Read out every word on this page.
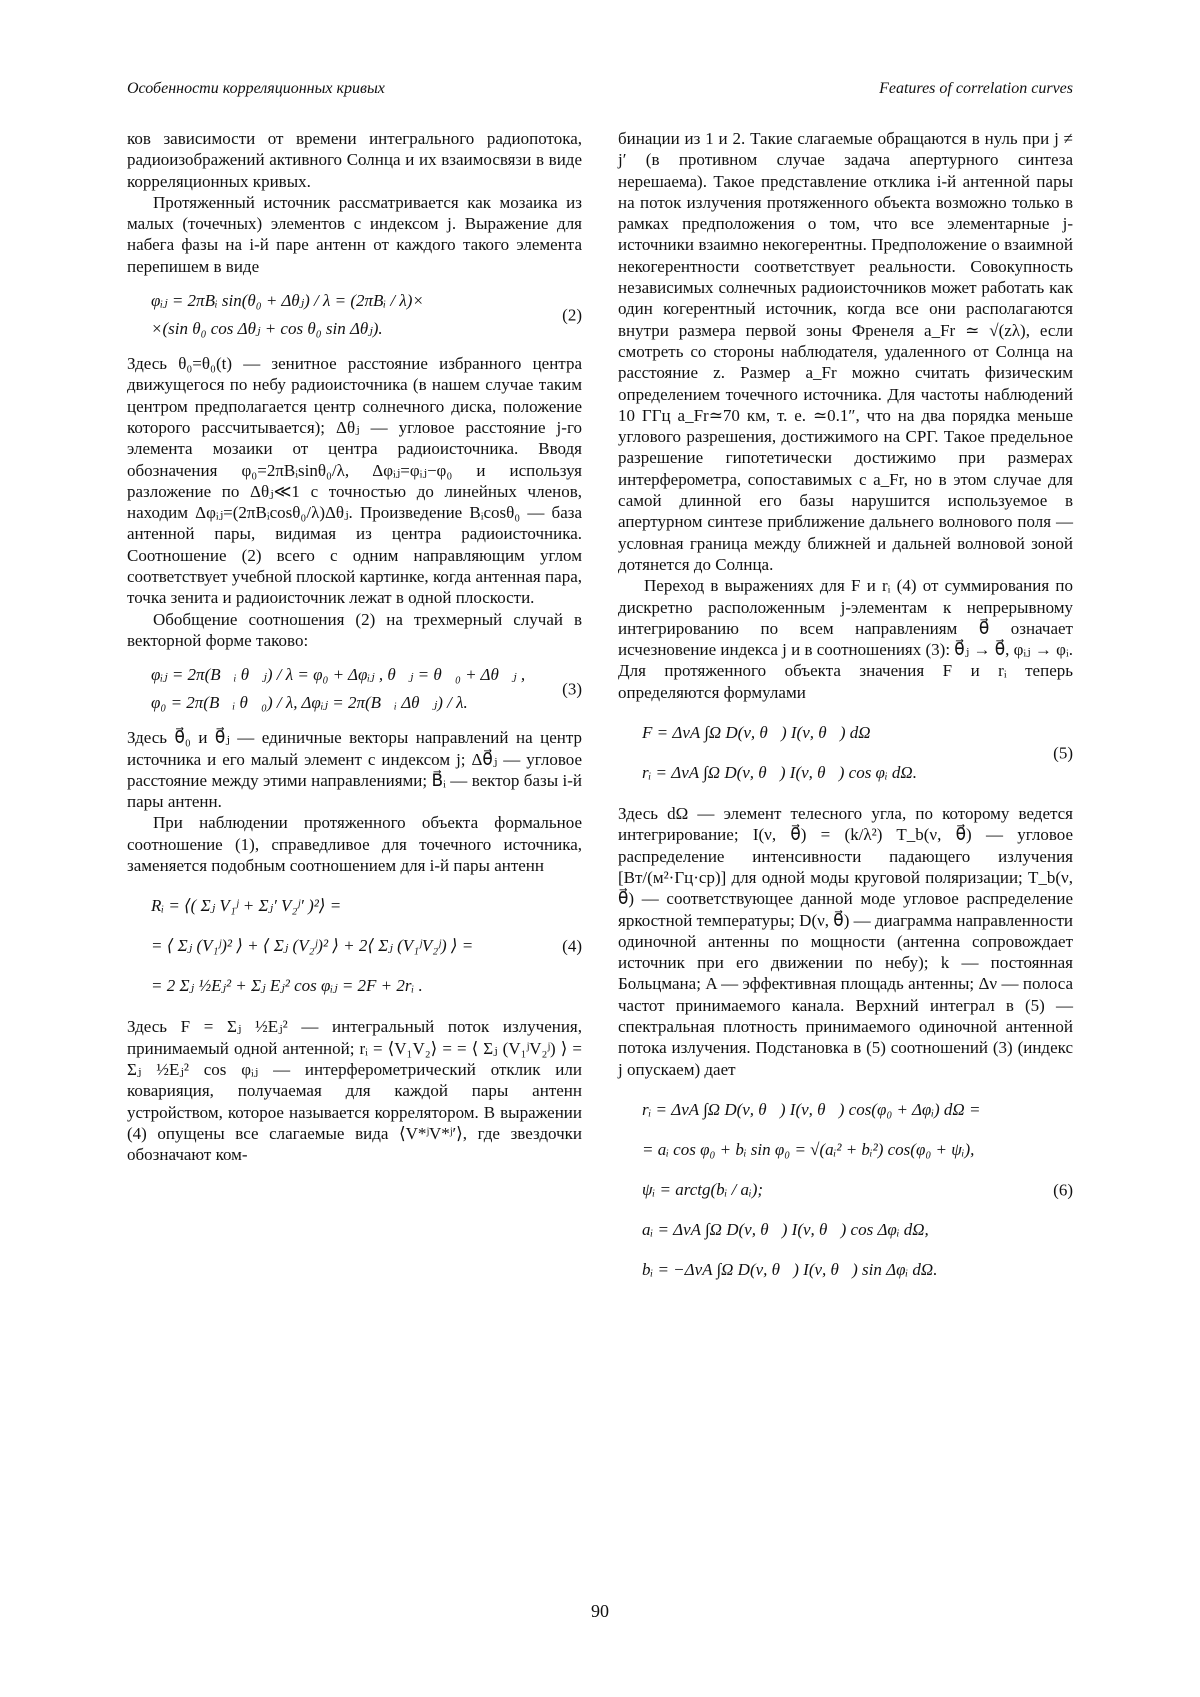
Особенности корреляционных кривых	Features of correlation curves

ков зависимости от времени интегрального радиопотока, радиоизображений активного Солнца и их взаимосвязи в виде корреляционных кривых.

Протяженный источник рассматривается как мозаика из малых (точечных) элементов с индексом j. Выражение для набега фазы на i-й паре антенн от каждого такого элемента перепишем в виде

φᵢⱼ = 2πBᵢ sin(θ₀ + Δθⱼ) / λ = (2πBᵢ / λ)×
×(sin θ₀ cos Δθⱼ + cos θ₀ sin Δθⱼ).
(2)

Здесь θ₀=θ₀(t) — зенитное расстояние избранного центра движущегося по небу радиоисточника (в нашем случае таким центром предполагается центр солнечного диска, положение которого рассчитывается); Δθⱼ — угловое расстояние j-го элемента мозаики от центра радиоисточника. Вводя обозначения φ₀=2πBᵢsinθ₀/λ, Δφᵢⱼ=φᵢⱼ−φ₀ и используя разложение по Δθⱼ≪1 с точностью до линейных членов, находим Δφᵢⱼ=(2πBᵢcosθ₀/λ)Δθⱼ. Произведение Bᵢcosθ₀ — база антенной пары, видимая из центра радиоисточника. Соотношение (2) всего с одним направляющим углом соответствует учебной плоской картинке, когда антенная пара, точка зенита и радиоисточник лежат в одной плоскости.

Обобщение соотношения (2) на трехмерный случай в векторной форме таково:

φᵢⱼ = 2π(B⃗ᵢ θ⃗ⱼ) / λ = φ₀ + Δφᵢⱼ , θ⃗ⱼ = θ⃗₀ + Δθ⃗ⱼ ,
φ₀ = 2π(B⃗ᵢ θ⃗₀) / λ, Δφᵢⱼ = 2π(B⃗ᵢ Δθ⃗ⱼ) / λ.
(3)

Здесь θ⃗₀ и θ⃗ⱼ — единичные векторы направлений на центр источника и его малый элемент с индексом j; Δθ⃗ⱼ — угловое расстояние между этими направлениями; B⃗ᵢ — вектор базы i-й пары антенн.

При наблюдении протяженного объекта формальное соотношение (1), справедливое для точечного источника, заменяется подобным соотношением для i-й пары антенн

Rᵢ = ⟨( Σⱼ V₁ʲ + Σⱼ′ V₂ʲ′ )²⟩ =
= ⟨ Σⱼ (V₁ʲ)² ⟩ + ⟨ Σⱼ (V₂ʲ)² ⟩ + 2⟨ Σⱼ (V₁ʲV₂ʲ) ⟩ =
= 2 Σⱼ ½Eⱼ² + Σⱼ Eⱼ² cos φᵢⱼ = 2F + 2rᵢ .
(4)

Здесь F = Σⱼ ½Eⱼ² — интегральный поток излучения, принимаемый одной антенной; rᵢ = ⟨V₁V₂⟩ = = ⟨ Σⱼ (V₁ʲV₂ʲ) ⟩ = Σⱼ ½Eⱼ² cos φᵢⱼ — интерферометрический отклик или коварияция, получаемая для каждой пары антенн устройством, которое называется коррелятором. В выражении (4) опущены все слагаемые вида ⟨V*ʲV*ʲ′⟩, где звездочки обозначают ком-

бинации из 1 и 2. Такие слагаемые обращаются в нуль при j ≠ j′ (в противном случае задача апертурного синтеза нерешаема). Такое представление отклика i-й антенной пары на поток излучения протяженного объекта возможно только в рамках предположения о том, что все элементарные j-источники взаимно некогерентны. Предположение о взаимной некогерентности соответствует реальности. Совокупность независимых солнечных радиоисточников может работать как один когерентный источник, когда все они располагаются внутри размера первой зоны Френеля a_Fr ≃ √(zλ), если смотреть со стороны наблюдателя, удаленного от Солнца на расстояние z. Размер a_Fr можно считать физическим определением точечного источника. Для частоты наблюдений 10 ГГц a_Fr≃70 км, т. е. ≃0.1″, что на два порядка меньше углового разрешения, достижимого на СРГ. Такое предельное разрешение гипотетически достижимо при размерах интерферометра, сопоставимых с a_Fr, но в этом случае для самой длинной его базы нарушится используемое в апертурном синтезе приближение дальнего волнового поля — условная граница между ближней и дальней волновой зоной дотянется до Солнца.

Переход в выражениях для F и rᵢ (4) от суммирования по дискретно расположенным j-элементам к непрерывному интегрированию по всем направлениям θ⃗ означает исчезновение индекса j и в соотношениях (3): θ⃗ⱼ → θ⃗, φᵢⱼ → φᵢ. Для протяженного объекта значения F и rᵢ теперь определяются формулами

F = ΔνA ∫Ω D(ν, θ⃗) I(ν, θ⃗) dΩ
rᵢ = ΔνA ∫Ω D(ν, θ⃗) I(ν, θ⃗) cos φᵢ dΩ.
(5)

Здесь dΩ — элемент телесного угла, по которому ведется интегрирование; I(ν, θ⃗) = (k/λ²) T_b(ν, θ⃗) — угловое распределение интенсивности падающего излучения [Вт/(м²·Гц·ср)] для одной моды круговой поляризации; T_b(ν, θ⃗) — соответствующее данной моде угловое распределение яркостной температуры; D(ν, θ⃗) — диаграмма направленности одиночной антенны по мощности (антенна сопровождает источник при его движении по небу); k — постоянная Больцмана; A — эффективная площадь антенны; Δν — полоса частот принимаемого канала. Верхний интеграл в (5) — спектральная плотность принимаемого одиночной антенной потока излучения. Подстановка в (5) соотношений (3) (индекс j опускаем) дает

rᵢ = ΔνA ∫Ω D(ν, θ⃗) I(ν, θ⃗) cos(φ₀ + Δφᵢ) dΩ =
= aᵢ cos φ₀ + bᵢ sin φ₀ = √(aᵢ² + bᵢ²) cos(φ₀ + ψᵢ),
ψᵢ = arctg(bᵢ / aᵢ);
aᵢ = ΔνA ∫Ω D(ν, θ⃗) I(ν, θ⃗) cos Δφᵢ dΩ,
bᵢ = −ΔνA ∫Ω D(ν, θ⃗) I(ν, θ⃗) sin Δφᵢ dΩ.
(6)
90
